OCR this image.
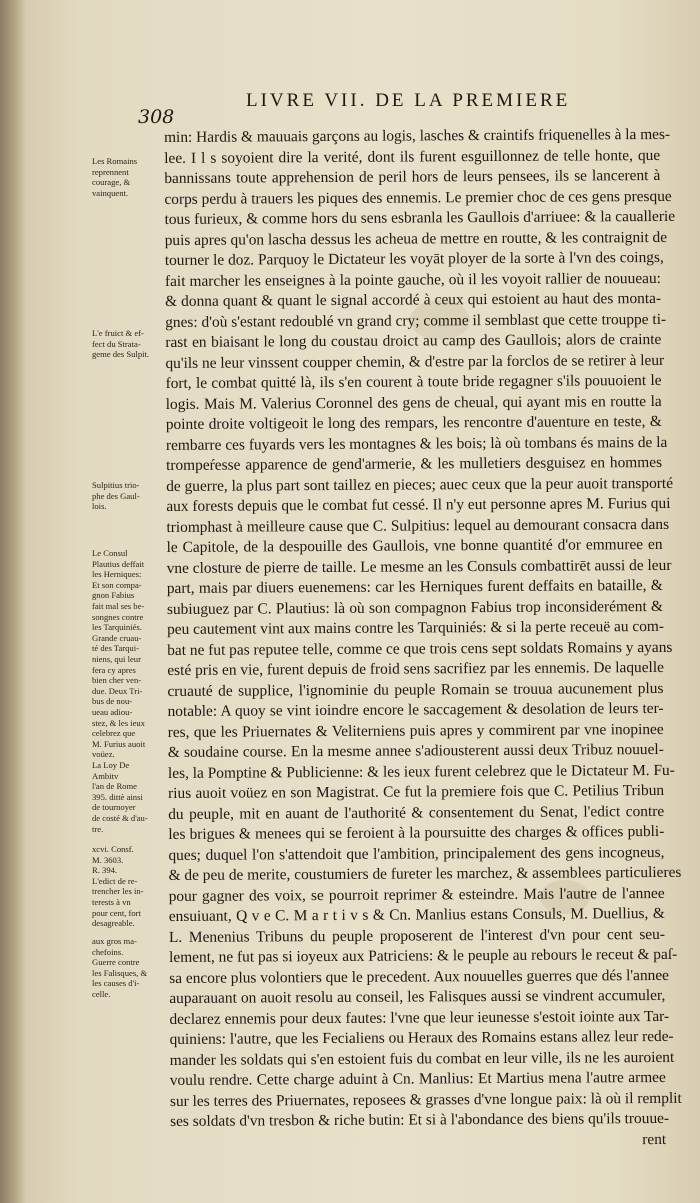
308
LIVRE VII. DE LA PREMIERE
min: Hardis & mauuais garçons au logis, lasches & craintifs friquenelles à la mes-
lee. I l s soyoient dire la verité, dont ils furent esguillonnez de telle honte, que
bannissans toute apprehension de peril hors de leurs pensees, ils se lancerent à
corps perdu à trauers les piques des ennemis. Le premier choc de ces gens presque
tous furieux, & comme hors du sens esbranla les Gaullois d'arriuee: & la cauallerie
puis apres qu'on lascha dessus les acheua de mettre en routte, & les contraignit de
tourner le doz. Parquoy le Dictateur les voyāt ployer de la sorte à l'vn des coings,
fait marcher les enseignes à la pointe gauche, où il les voyoit rallier de nouueau:
& donna quant & quant le signal accordé à ceux qui estoient au haut des monta-
gnes: d'où s'estant redoublé vn grand cry; comme il semblast que cette trouppe ti-
rast en biaisant le long du coustau droict au camp des Gaullois; alors de crainte
qu'ils ne leur vinssent coupper chemin, & d'estre par la forclos de se retirer à leur
fort, le combat quitté là, ils s'en courent à toute bride regagner s'ils pouuoient le
logis. Mais M. Valerius Coronnel des gens de cheual, qui ayant mis en routte la
pointe droite voltigeoit le long des rempars, les rencontre d'auenture en teste, &
rembarre ces fuyards vers les montagnes & les bois; là où tombans és mains de la
trompeŕesse apparence de gend'armerie, & les mulletiers desguisez en hommes
de guerre, la plus part sont taillez en pieces; auec ceux que la peur auoit transporté
aux forests depuis que le combat fut cessé. Il n'y eut personne apres M. Furius qui
triomphast à meilleure cause que C. Sulpitius: lequel au demourant consacra dans
le Capitole, de la despouille des Gaullois, vne bonne quantité d'or emmuree en
vne closture de pierre de taille. Le mesme an les Consuls combattirēt aussi de leur
part, mais par diuers euenemens: car les Herniques furent deffaits en bataille, &
subiuguez par C. Plautius: là où son compagnon Fabius trop inconsiderément &
peu cautement vint aux mains contre les Tarquiniés: & si la perte receuë au com-
bat ne fut pas reputee telle, comme ce que trois cens sept soldats Romains y ayans
esté pris en vie, furent depuis de froid sens sacrifiez par les ennemis. De laquelle
cruauté de supplice, l'ignominie du peuple Romain se trouua aucunement plus
notable: A quoy se vint ioindre encore le saccagement & desolation de leurs ter-
res, que les Priuernates & Veliterniens puis apres y commirent par vne inopinee
& soudaine course. En la mesme annee s'adiousterent aussi deux Tribuz nouuel-
les, la Pomptine & Publicienne: & les ieux furent celebrez que le Dictateur M. Fu-
rius auoit voüez en son Magistrat. Ce fut la premiere fois que C. Petilius Tribun
du peuple, mit en auant de l'authorité & consentement du Senat, l'edict contre
les brigues & menees qui se feroient à la poursuitte des charges & offices publi-
ques; duquel l'on s'attendoit que l'ambition, principalement des gens incogneus,
& de peu de merite, coustumiers de fureter les marchez, & assemblees particulieres
pour gagner des voix, se pourroit reprimer & esteindre. Mais l'autre de l'annee
ensuiuant, Q v e C. M a r t i v s & Cn. Manlius estans Consuls, M. Duellius, &
L. Menenius Tribuns du peuple proposerent de l'interest d'vn pour cent seu-
lement, ne fut pas si ioyeux aux Patriciens: & le peuple au rebours le receut & paſ-
sa encore plus volontiers que le precedent. Aux nouuelles guerres que dés l'annee
auparauant on auoit resolu au conseil, les Falisques aussi se vindrent accumuler,
declarez ennemis pour deux fautes: l'vne que leur ieunesse s'estoit iointe aux Tar-
quiniens: l'autre, que les Fecialiens ou Heraux des Romains estans allez leur rede-
mander les soldats qui s'en estoient fuis du combat en leur ville, ils ne les auroient
voulu rendre. Cette charge aduint à Cn. Manlius: Et Martius mena l'autre armee
sur les terres des Priuernates, reposees & grasses d'vne longue paix: là où il remplit
ses soldats d'vn tresbon & riche butin: Et si à l'abondance des biens qu'ils trouue-
rent
Les Romains
reprennent
courage, &
vainquent.
L'e fruict & ef-
fect du Strata-
geme des Sulpit.
Sulpitius trio-
phe des Gaul-
lois.
Le Consul
Plautius deffait
les Herniques:
Et son compa-
gnon Fabius
fait mal ses be-
songnes contre
les Tarquiniés.
Grande cruau-
té des Tarqui-
niens, qui leur
fera cy apres
bien cher ven-
due. Deux Tri-
bus de nou-
ueau adiou-
stez, & les ieux
celebrez que
M. Furius auoit
voüez.
La Loy De
Ambitv
l'an de Rome
395. dittè ainsi
de tournoyer
de costé & d'au-
tre.
xcvi. Consf.
M. 3603.
R. 394.
L'edict de re-
trencher les in-
terests à vn
pour cent, fort
desagreable.
aux gros ma-
chefoins.
Guerre contre
les Falisques, &
les causes d'i-
celle.
